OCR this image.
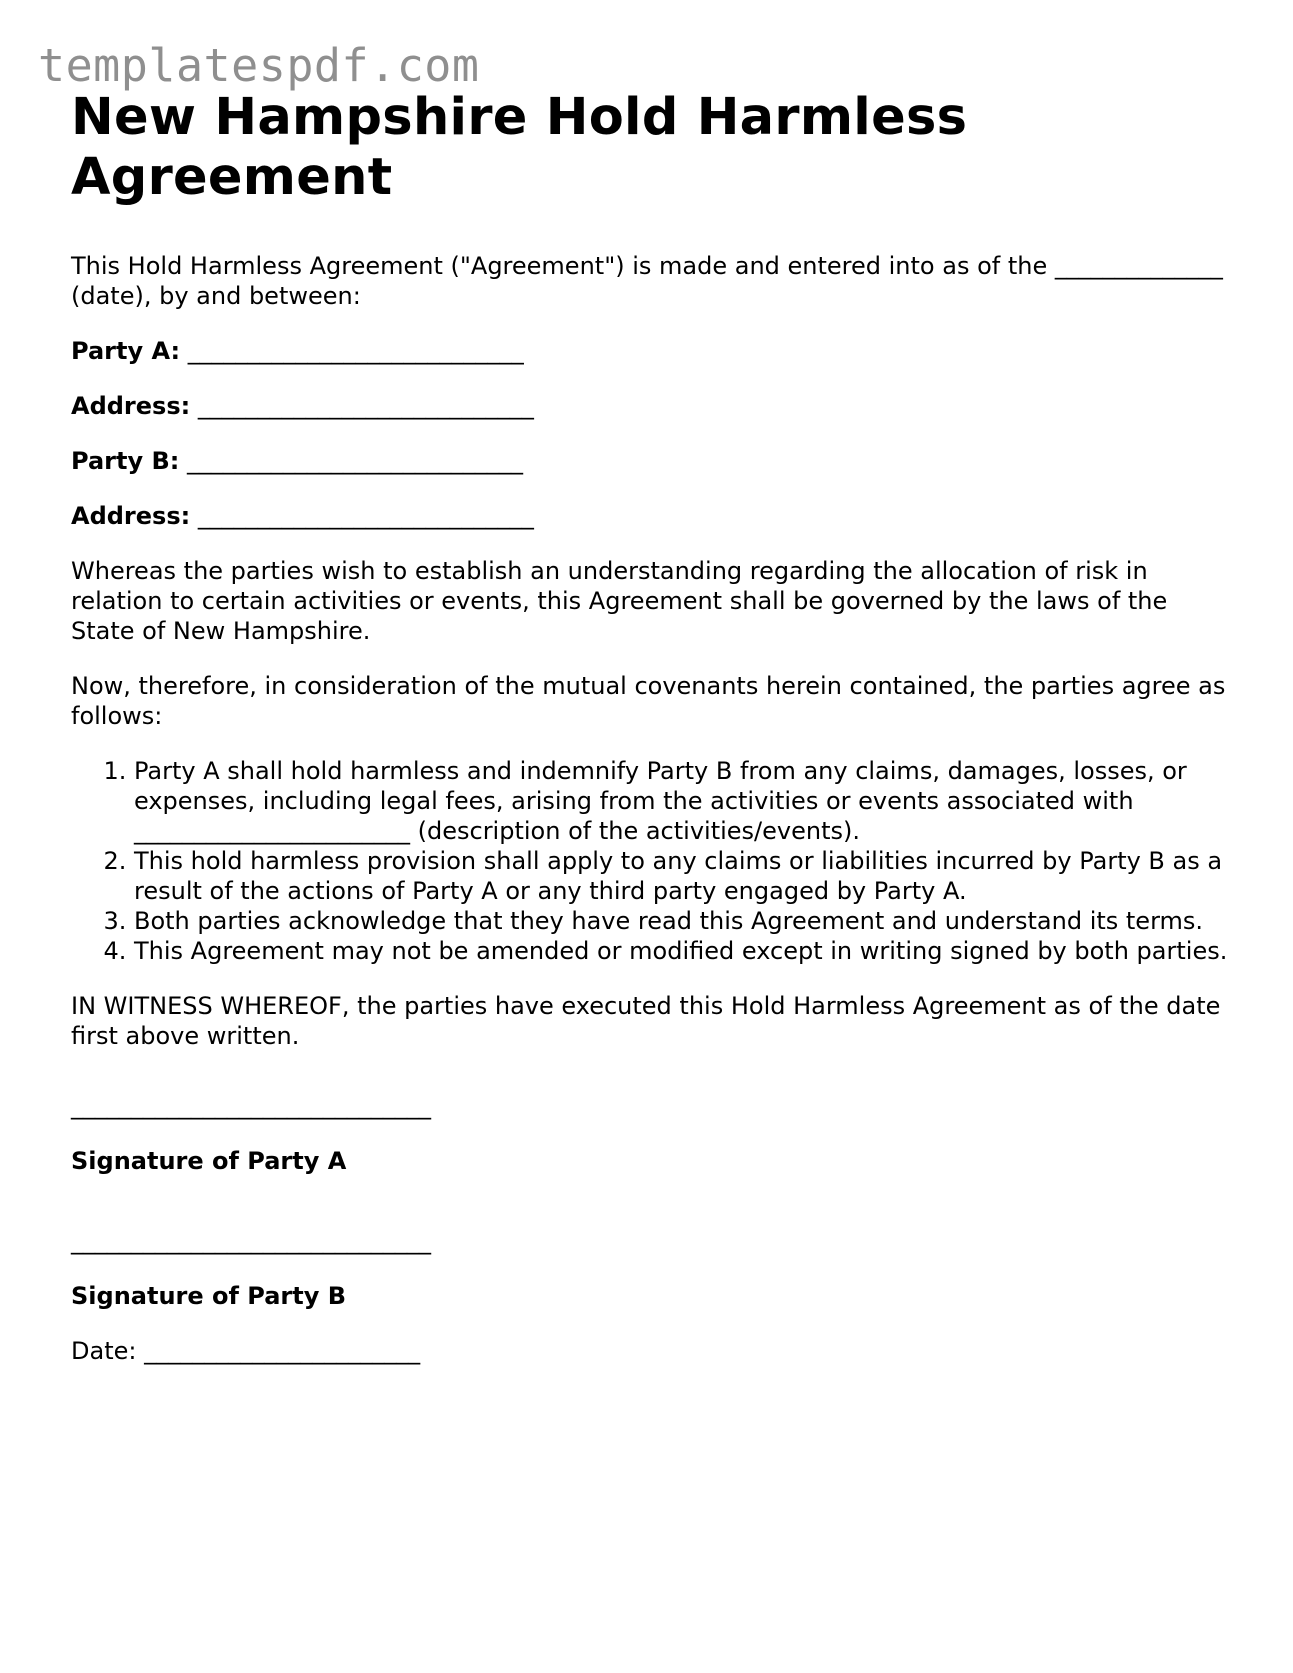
templatespdf.com
New Hampshire Hold Harmless Agreement

This Hold Harmless Agreement ("Agreement") is made and entered into as of the ______________ (date), by and between:

Party A: ____________________________
Address: ____________________________
Party B: ____________________________
Address: ____________________________

Whereas the parties wish to establish an understanding regarding the allocation of risk in relation to certain activities or events, this Agreement shall be governed by the laws of the State of New Hampshire.

Now, therefore, in consideration of the mutual covenants herein contained, the parties agree as follows:

1. Party A shall hold harmless and indemnify Party B from any claims, damages, losses, or expenses, including legal fees, arising from the activities or events associated with _______________________ (description of the activities/events).
2. This hold harmless provision shall apply to any claims or liabilities incurred by Party B as a result of the actions of Party A or any third party engaged by Party A.
3. Both parties acknowledge that they have read this Agreement and understand its terms.
4. This Agreement may not be amended or modified except in writing signed by both parties.

IN WITNESS WHEREOF, the parties have executed this Hold Harmless Agreement as of the date first above written.

______________________________
Signature of Party A
______________________________
Signature of Party B
Date: _______________________
